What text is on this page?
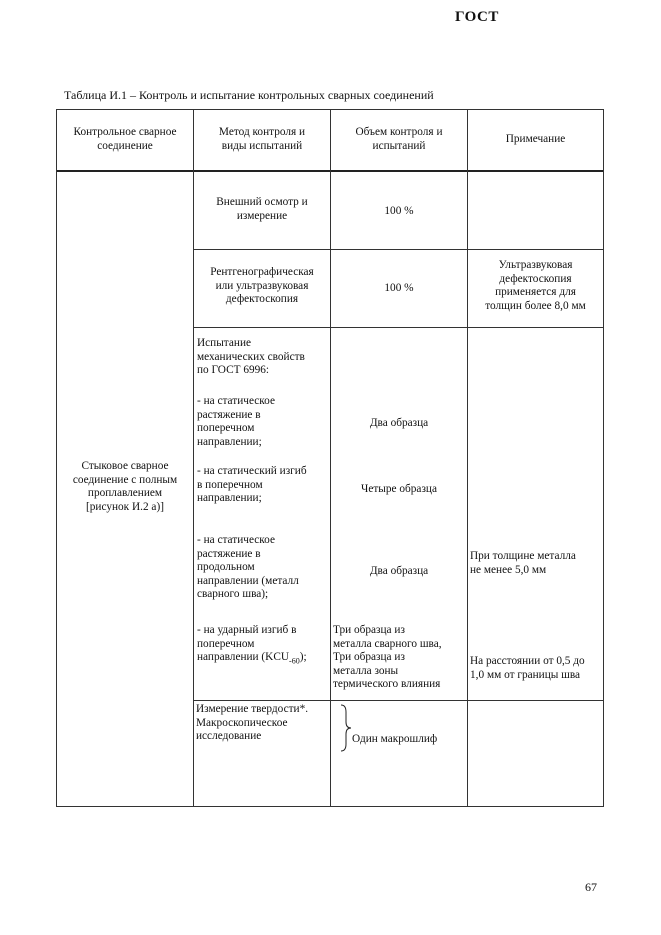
ГОСТ
Таблица И.1 – Контроль и испытание контрольных сварных соединений
Контрольное сварное
соединение
Метод контроля и
виды испытаний
Объем контроля и
испытаний
Примечание
Стыковое сварное
соединение с полным
проплавлением
[рисунок И.2 а)]
Внешний осмотр и
измерение	100 %
Рентгенографическая
или ультразвуковая
дефектоскопия
100 %
Ультразвуковая
дефектоскопия
применяется для
толщин более 8,0 мм
Испытание
механических свойств
по ГОСТ 6996:
- на статическое
растяжение в
поперечном
направлении;
Два образца
- на статический изгиб
в поперечном
направлении;
Четыре образца
- на статическое
растяжение в
продольном
направлении (металл
сварного шва);
Два образца
При толщине металла
не менее 5,0 мм
- на ударный изгиб в
поперечном
направлении $(KCU_{-60})$;
Три образца из
металла сварного шва,
Три образца из
металла зоны
термического влияния
На расстоянии от 0,5 до
1,0 мм от границы шва
Измерение твердости*.
Макроскопическое
исследование	Один макрошлиф
67
